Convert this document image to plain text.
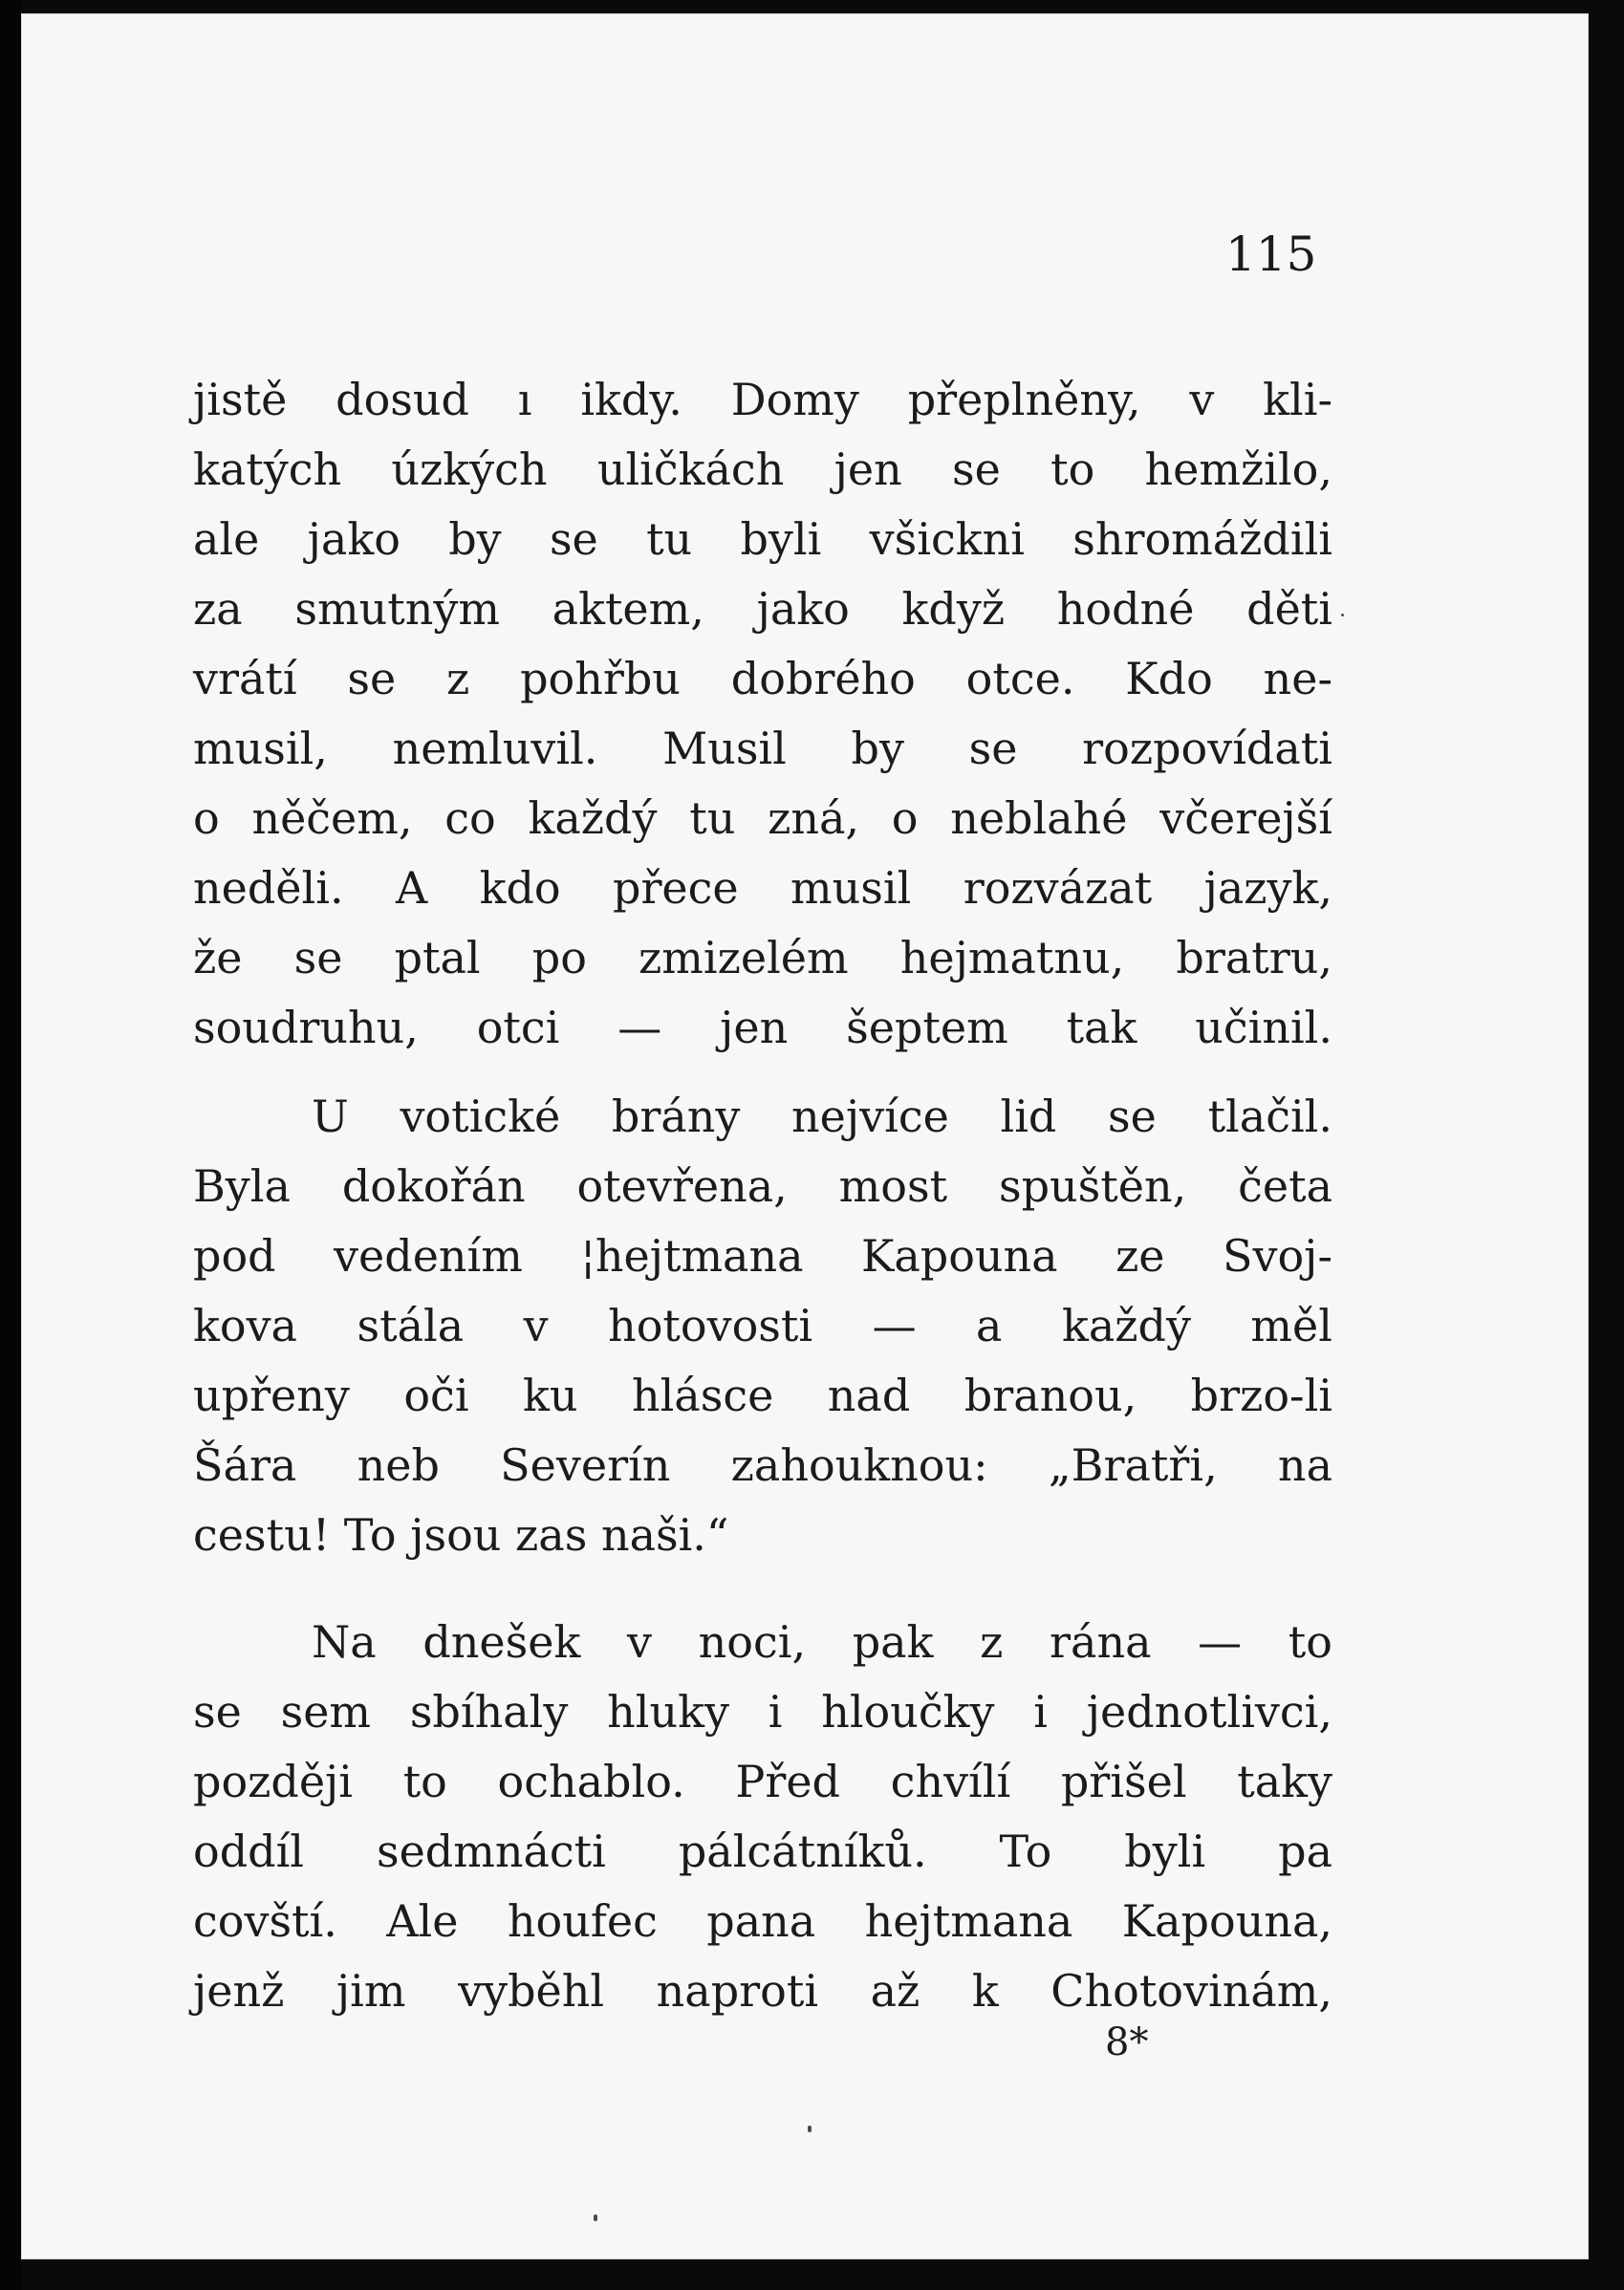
115
jistě dosud ı ikdy. Domy přeplněny, v kli-
katých úzkých uličkách jen se to hemžilo,
ale jako by se tu byli všickni shromáždili
za smutným aktem, jako když hodné děti
vrátí se z pohřbu dobrého otce. Kdo ne-
musil, nemluvil. Musil by se rozpovídati
o něčem, co každý tu zná, o neblahé včerejší
neděli. A kdo přece musil rozvázat jazyk,
že se ptal po zmizelém hejmatnu, bratru,
soudruhu, otci — jen šeptem tak učinil.
U votické brány nejvíce lid se tlačil.
Byla dokořán otevřena, most spuštěn, četa
pod vedením ¦hejtmana Kapouna ze Svoj-
kova stála v hotovosti — a každý měl
upřeny oči ku hlásce nad branou, brzo-li
Šára neb Severín zahouknou: „Bratři, na
cestu! To jsou zas naši.“
Na dnešek v noci, pak z rána — to
se sem sbíhaly hluky i hloučky i jednotlivci,
později to ochablo. Před chvílí přišel taky
oddíl sedmnácti pálcátníků. To byli pa
covští. Ale houfec pana hejtmana Kapouna,
jenž jim vyběhl naproti až k Chotovinám,
8*
